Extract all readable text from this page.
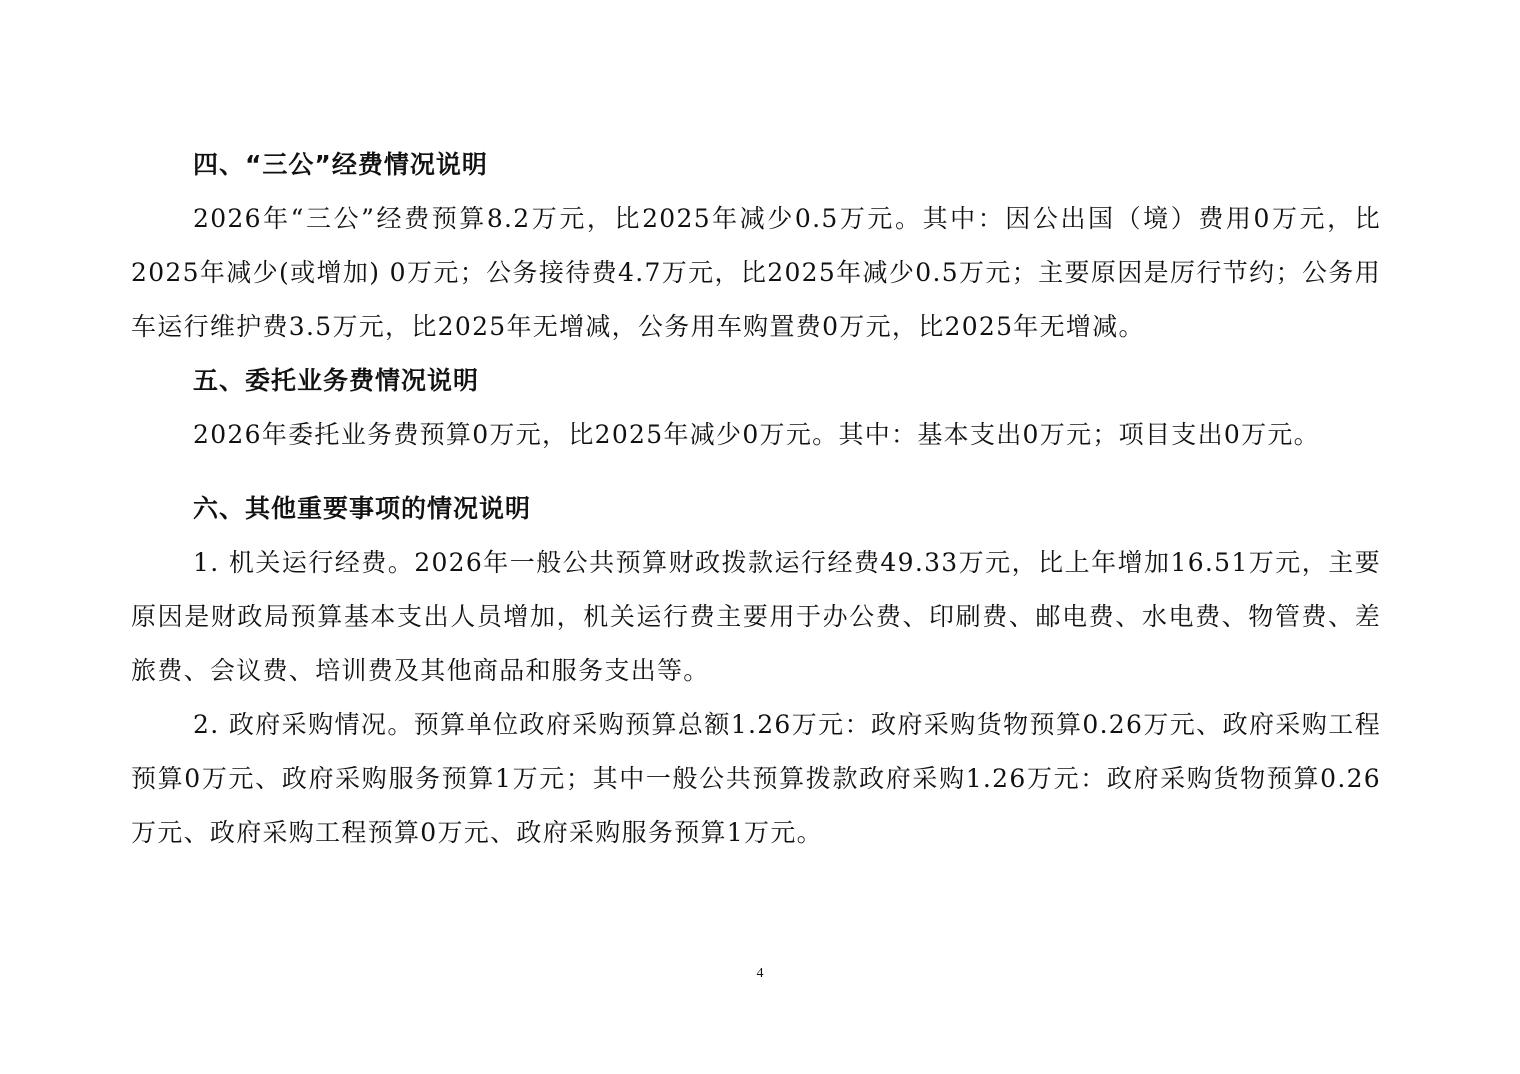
四、“三公”经费情况说明

2026年“三公”经费预算8.2万元，比2025年减少0.5万元。其中：因公出国（境）费用0万元，比2025年减少(或增加) 0万元；公务接待费4.7万元，比2025年减少0.5万元；主要原因是厉行节约；公务用车运行维护费3.5万元，比2025年无增减，公务用车购置费0万元，比2025年无增减。

五、委托业务费情况说明

2026年委托业务费预算0万元，比2025年减少0万元。其中：基本支出0万元；项目支出0万元。

六、其他重要事项的情况说明

1. 机关运行经费。2026年一般公共预算财政拨款运行经费49.33万元，比上年增加16.51万元，主要原因是财政局预算基本支出人员增加，机关运行费主要用于办公费、印刷费、邮电费、水电费、物管费、差旅费、会议费、培训费及其他商品和服务支出等。

2. 政府采购情况。预算单位政府采购预算总额1.26万元：政府采购货物预算0.26万元、政府采购工程预算0万元、政府采购服务预算1万元；其中一般公共预算拨款政府采购1.26万元：政府采购货物预算0.26万元、政府采购工程预算0万元、政府采购服务预算1万元。

4
